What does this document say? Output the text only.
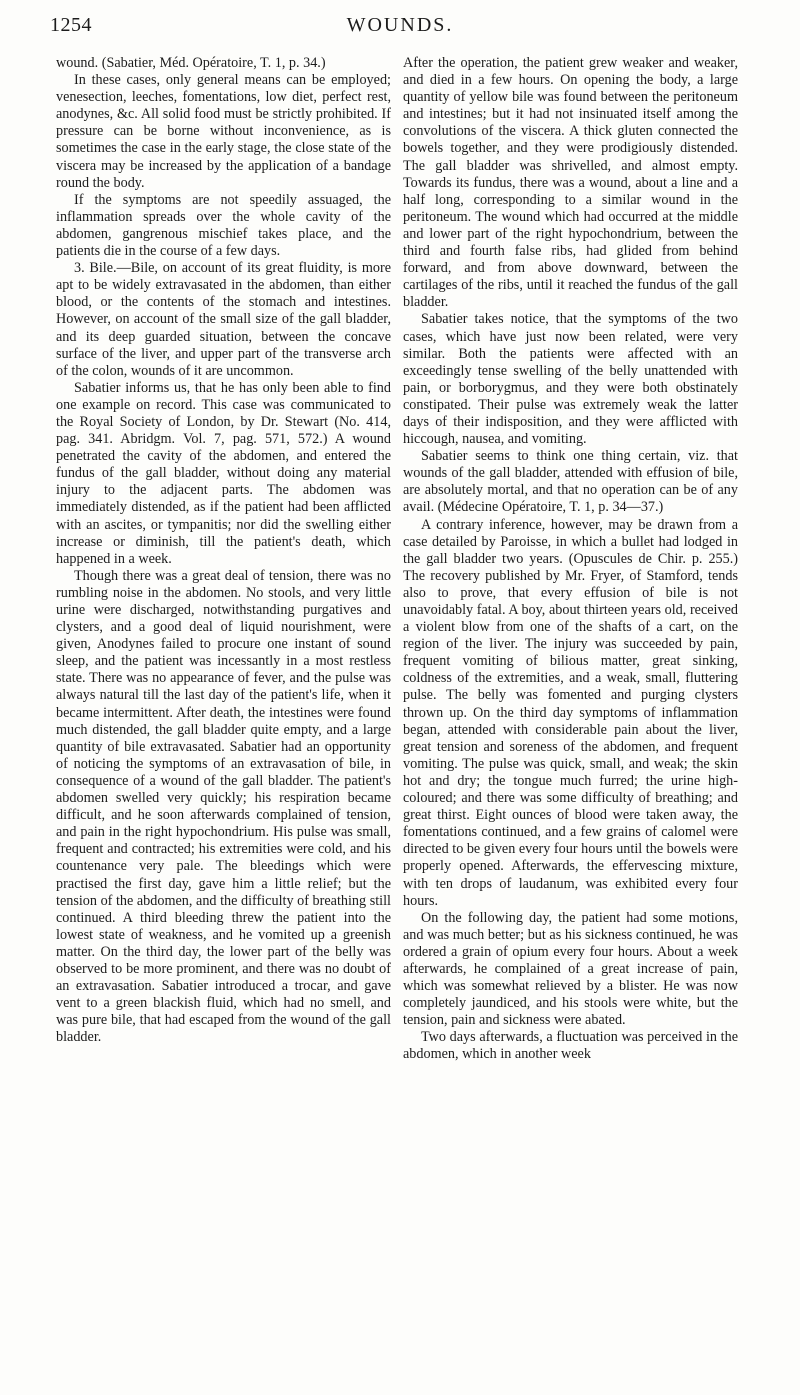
1254	WOUNDS.

wound. (Sabatier, Méd. Opératoire, T. 1, p. 34.)

In these cases, only general means can be employed; venesection, leeches, fomentations, low diet, perfect rest, anodynes, &c. All solid food must be strictly prohibited. If pressure can be borne without inconvenience, as is sometimes the case in the early stage, the close state of the viscera may be increased by the application of a bandage round the body.

If the symptoms are not speedily assuaged, the inflammation spreads over the whole cavity of the abdomen, gangrenous mischief takes place, and the patients die in the course of a few days.

3. Bile.—Bile, on account of its great fluidity, is more apt to be widely extravasated in the abdomen, than either blood, or the contents of the stomach and intestines. However, on account of the small size of the gall bladder, and its deep guarded situation, between the concave surface of the liver, and upper part of the transverse arch of the colon, wounds of it are uncommon.

Sabatier informs us, that he has only been able to find one example on record. This case was communicated to the Royal Society of London, by Dr. Stewart (No. 414, pag. 341. Abridgm. Vol. 7, pag. 571, 572.) A wound penetrated the cavity of the abdomen, and entered the fundus of the gall bladder, without doing any material injury to the adjacent parts. The abdomen was immediately distended, as if the patient had been afflicted with an ascites, or tympanitis; nor did the swelling either increase or diminish, till the patient's death, which happened in a week.

Though there was a great deal of tension, there was no rumbling noise in the abdomen. No stools, and very little urine were discharged, notwithstanding purgatives and clysters, and a good deal of liquid nourishment, were given, Anodynes failed to procure one instant of sound sleep, and the patient was incessantly in a most restless state. There was no appearance of fever, and the pulse was always natural till the last day of the patient's life, when it became intermittent. After death, the intestines were found much distended, the gall bladder quite empty, and a large quantity of bile extravasated. Sabatier had an opportunity of noticing the symptoms of an extravasation of bile, in consequence of a wound of the gall bladder. The patient's abdomen swelled very quickly; his respiration became difficult, and he soon afterwards complained of tension, and pain in the right hypochondrium. His pulse was small, frequent and contracted; his extremities were cold, and his countenance very pale. The bleedings which were practised the first day, gave him a little relief; but the tension of the abdomen, and the difficulty of breathing still continued. A third bleeding threw the patient into the lowest state of weakness, and he vomited up a greenish matter. On the third day, the lower part of the belly was observed to be more prominent, and there was no doubt of an extravasation. Sabatier introduced a trocar, and gave vent to a green blackish fluid, which had no smell, and was pure bile, that had escaped from the wound of the gall bladder.

After the operation, the patient grew weaker and weaker, and died in a few hours. On opening the body, a large quantity of yellow bile was found between the peritoneum and intestines; but it had not insinuated itself among the convolutions of the viscera. A thick gluten connected the bowels together, and they were prodigiously distended. The gall bladder was shrivelled, and almost empty. Towards its fundus, there was a wound, about a line and a half long, corresponding to a similar wound in the peritoneum. The wound which had occurred at the middle and lower part of the right hypochondrium, between the third and fourth false ribs, had glided from behind forward, and from above downward, between the cartilages of the ribs, until it reached the fundus of the gall bladder.

Sabatier takes notice, that the symptoms of the two cases, which have just now been related, were very similar. Both the patients were affected with an exceedingly tense swelling of the belly unattended with pain, or borborygmus, and they were both obstinately constipated. Their pulse was extremely weak the latter days of their indisposition, and they were afflicted with hiccough, nausea, and vomiting.

Sabatier seems to think one thing certain, viz. that wounds of the gall bladder, attended with effusion of bile, are absolutely mortal, and that no operation can be of any avail. (Médecine Opératoire, T. 1, p. 34—37.)

A contrary inference, however, may be drawn from a case detailed by Paroisse, in which a bullet had lodged in the gall bladder two years. (Opuscules de Chir. p. 255.) The recovery published by Mr. Fryer, of Stamford, tends also to prove, that every effusion of bile is not unavoidably fatal. A boy, about thirteen years old, received a violent blow from one of the shafts of a cart, on the region of the liver. The injury was succeeded by pain, frequent vomiting of bilious matter, great sinking, coldness of the extremities, and a weak, small, fluttering pulse. The belly was fomented and purging clysters thrown up. On the third day symptoms of inflammation began, attended with considerable pain about the liver, great tension and soreness of the abdomen, and frequent vomiting. The pulse was quick, small, and weak; the skin hot and dry; the tongue much furred; the urine high-coloured; and there was some difficulty of breathing; and great thirst. Eight ounces of blood were taken away, the fomentations continued, and a few grains of calomel were directed to be given every four hours until the bowels were properly opened. Afterwards, the effervescing mixture, with ten drops of laudanum, was exhibited every four hours.

On the following day, the patient had some motions, and was much better; but as his sickness continued, he was ordered a grain of opium every four hours. About a week afterwards, he complained of a great increase of pain, which was somewhat relieved by a blister. He was now completely jaundiced, and his stools were white, but the tension, pain and sickness were abated.

Two days afterwards, a fluctuation was perceived in the abdomen, which in another week
